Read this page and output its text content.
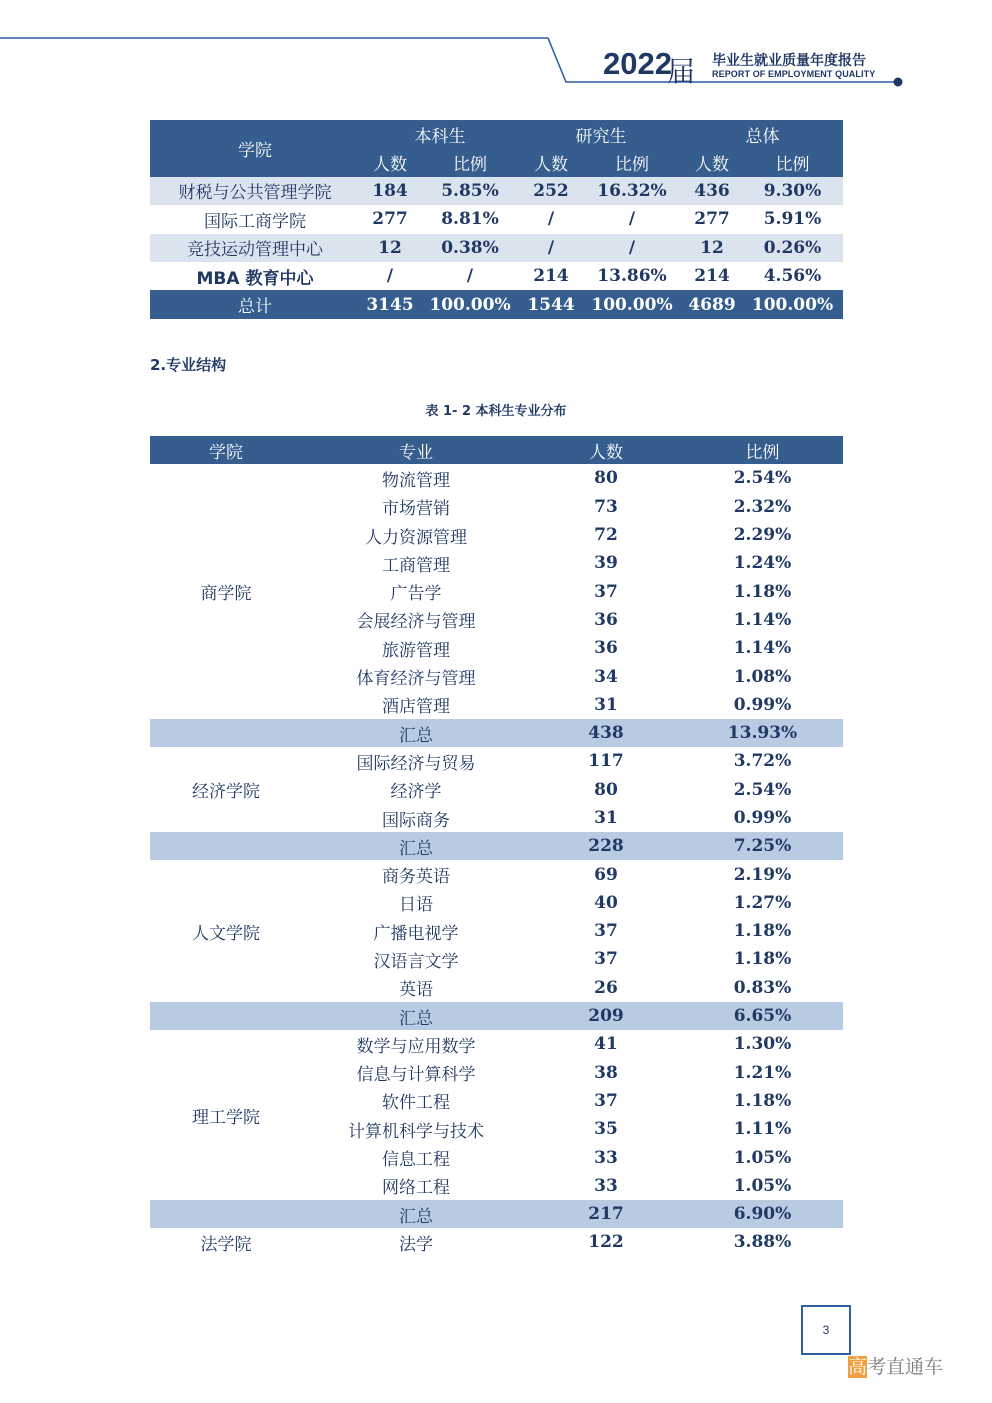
2022
届 毕业生就业质量年度报告
REPORT OF EMPLOYMENT QUALITY
学院	本科生		研究生		总体	
	人数	比例	人数	比例	人数	比例
财税与公共管理学院	184	5.85%	252	16.32%	436	9.30%
国际工商学院	277	8.81%	/	/	277	5.91%
竞技运动管理中心	12	0.38%	/	/	12	0.26%
MBA 教育中心	/	/	214	13.86%	214	4.56%
总计	3145	100.00%	1544	100.00%	4689	100.00%
2.专业结构
表 1- 2 本科生专业分布
学院	专业	人数	比例
商学院	物流管理	80	2.54%
	市场营销	73	2.32%
	人力资源管理	72	2.29%
	工商管理	39	1.24%
	广告学	37	1.18%
	会展经济与管理	36	1.14%
	旅游管理	36	1.14%
	体育经济与管理	34	1.08%
	酒店管理	31	0.99%
	汇总	438	13.93%
经济学院	国际经济与贸易	117	3.72%
	经济学	80	2.54%
	国际商务	31	0.99%
	汇总	228	7.25%
人文学院	商务英语	69	2.19%
	日语	40	1.27%
	广播电视学	37	1.18%
	汉语言文学	37	1.18%
	英语	26	0.83%
	汇总	209	6.65%
理工学院	数学与应用数学	41	1.30%
	信息与计算科学	38	1.21%
	软件工程	37	1.18%
	计算机科学与技术	35	1.11%
	信息工程	33	1.05%
	网络工程	33	1.05%
	汇总	217	6.90%
法学院	法学	122	3.88%
3
高考直通车
